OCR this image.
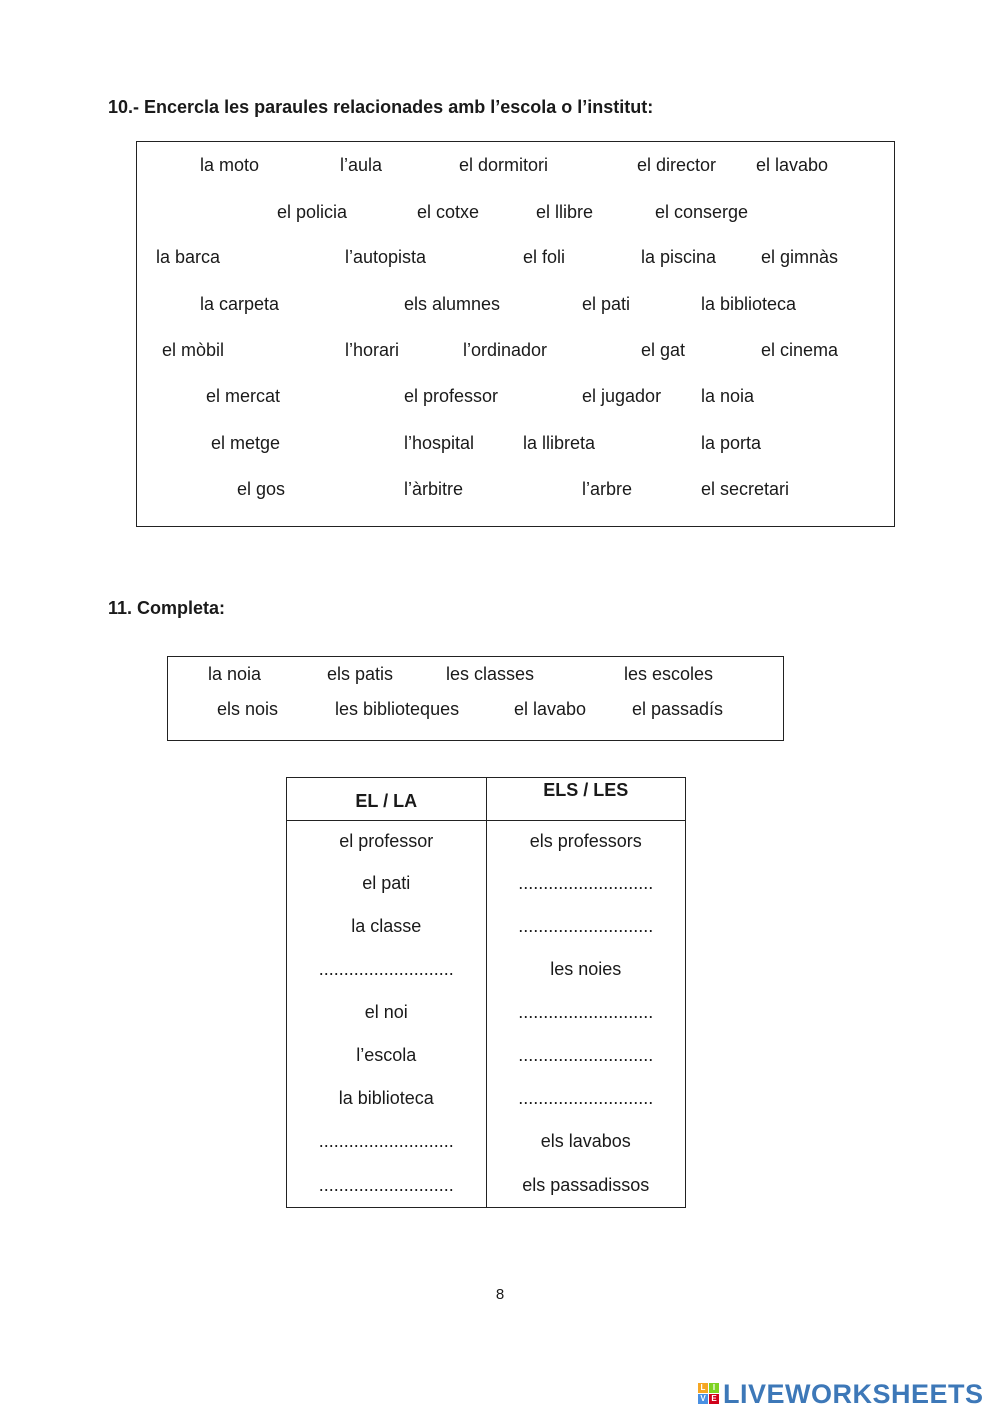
10.- Encercla les paraules relacionades amb l’escola o l’institut:
la moto	l’aula	el dormitori	el director el lavabo
el policia	el cotxe	el llibre	el conserge
la barca	l’autopista	el foli	la piscina el gimnàs
la carpeta	els alumnes	el pati	la biblioteca
el mòbil	l’horari	l’ordinador	el gat	el cinema
el mercat	el professor	el jugador la noia
el metge	l’hospital	la llibreta	la porta
el gos	l’àrbitre	l’arbre	el secretari
11. Completa:
la noia	els patis	les classes	les escoles
els nois	les biblioteques	el lavabo	el passadís
EL / LA	ELS / LES
el professor	els professors
el pati	...........................
la classe	...........................
...........................	les noies
el noi	...........................
l’escola	...........................
la biblioteca	...........................
...........................	els lavabos
...........................	els passadissos
8
L I
V E LIVEWORKSHEETS
